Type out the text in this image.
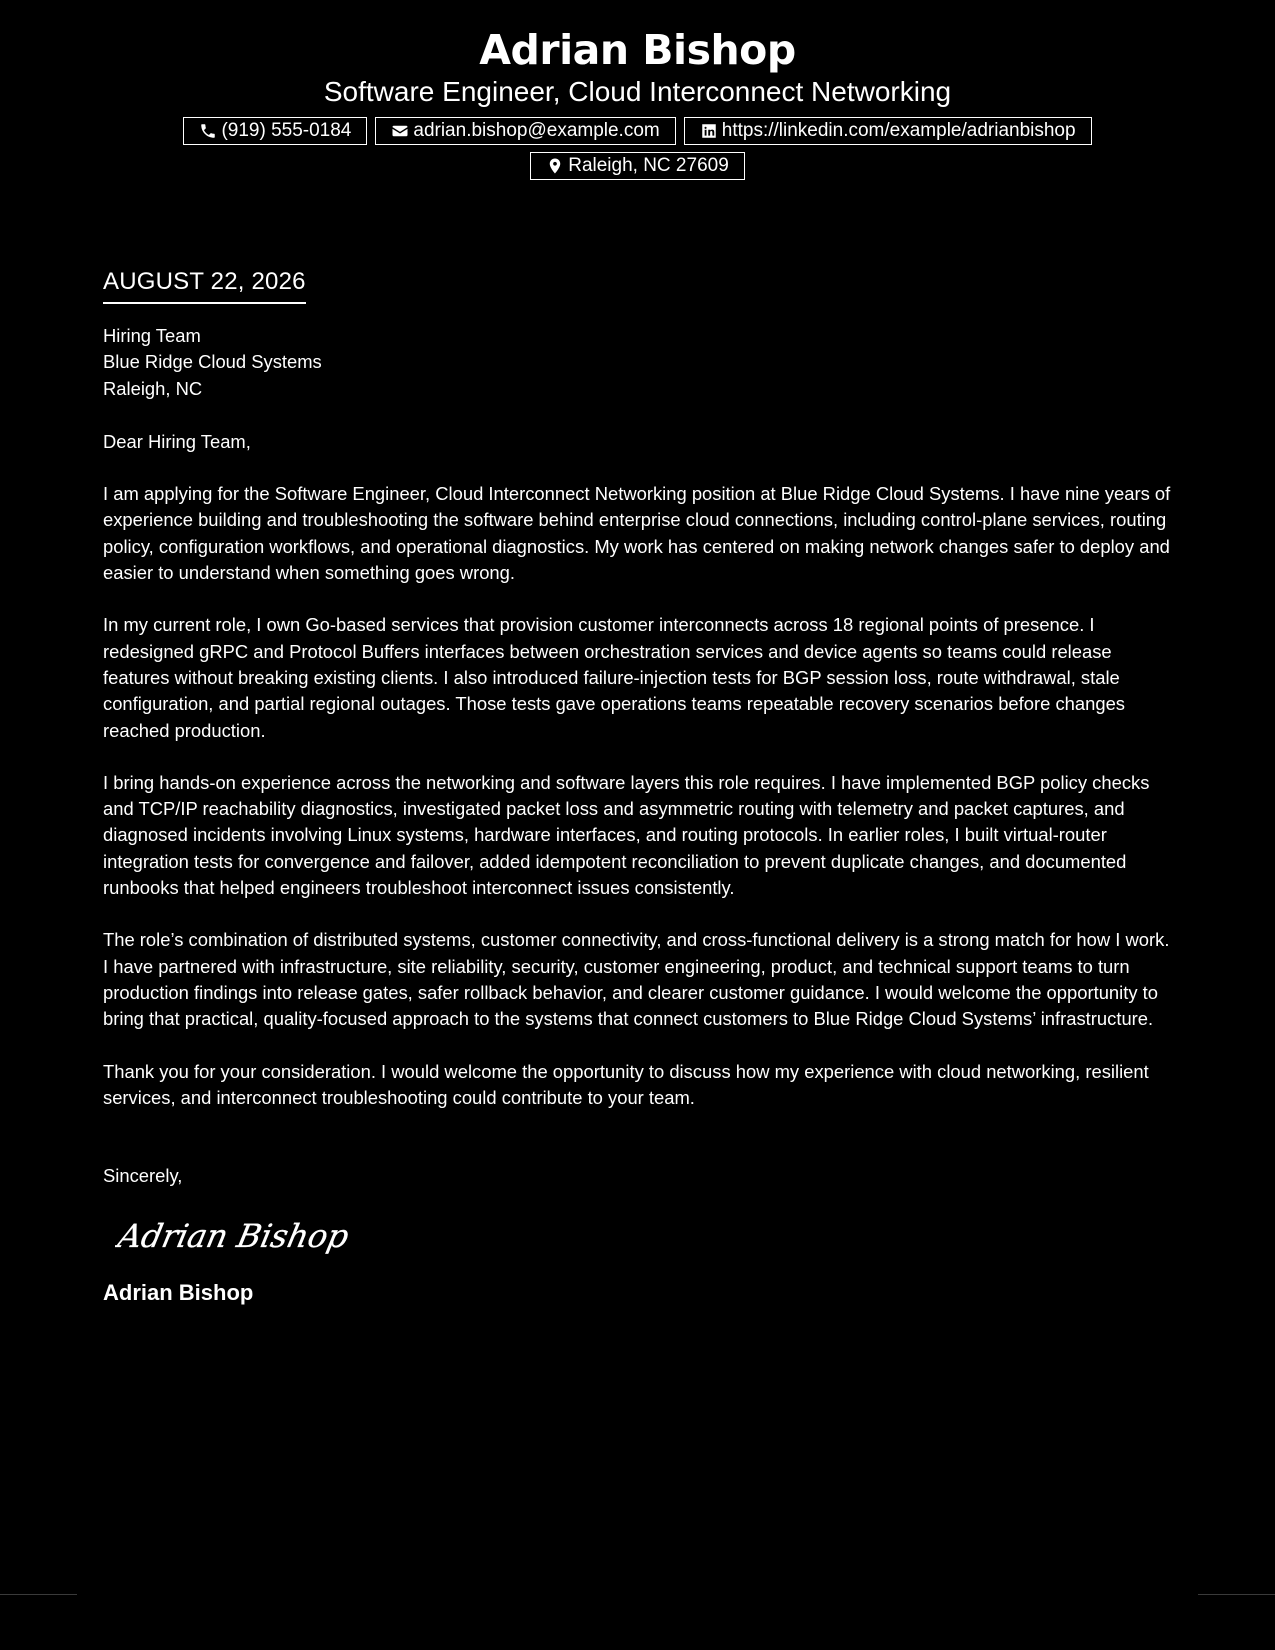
Adrian Bishop
Software Engineer, Cloud Interconnect Networking
(919) 555-0184	adrian.bishop@example.com	https://linkedin.com/example/adrianbishop
Raleigh, NC 27609
AUGUST 22, 2026
Hiring Team
Blue Ridge Cloud Systems
Raleigh, NC
Dear Hiring Team,
I am applying for the Software Engineer, Cloud Interconnect Networking position at Blue Ridge Cloud Systems. I have nine years of experience building and troubleshooting the software behind enterprise cloud connections, including control-plane services, routing policy, configuration workflows, and operational diagnostics. My work has centered on making network changes safer to deploy and easier to understand when something goes wrong.
In my current role, I own Go-based services that provision customer interconnects across 18 regional points of presence. I redesigned gRPC and Protocol Buffers interfaces between orchestration services and device agents so teams could release features without breaking existing clients. I also introduced failure-injection tests for BGP session loss, route withdrawal, stale configuration, and partial regional outages. Those tests gave operations teams repeatable recovery scenarios before changes reached production.
I bring hands-on experience across the networking and software layers this role requires. I have implemented BGP policy checks and TCP/IP reachability diagnostics, investigated packet loss and asymmetric routing with telemetry and packet captures, and diagnosed incidents involving Linux systems, hardware interfaces, and routing protocols. In earlier roles, I built virtual-router integration tests for convergence and failover, added idempotent reconciliation to prevent duplicate changes, and documented runbooks that helped engineers troubleshoot interconnect issues consistently.
The role’s combination of distributed systems, customer connectivity, and cross-functional delivery is a strong match for how I work. I have partnered with infrastructure, site reliability, security, customer engineering, product, and technical support teams to turn production findings into release gates, safer rollback behavior, and clearer customer guidance. I would welcome the opportunity to bring that practical, quality-focused approach to the systems that connect customers to Blue Ridge Cloud Systems’ infrastructure.
Thank you for your consideration. I would welcome the opportunity to discuss how my experience with cloud networking, resilient services, and interconnect troubleshooting could contribute to your team.
Sincerely,
Adrian Bishop
Adrian Bishop
